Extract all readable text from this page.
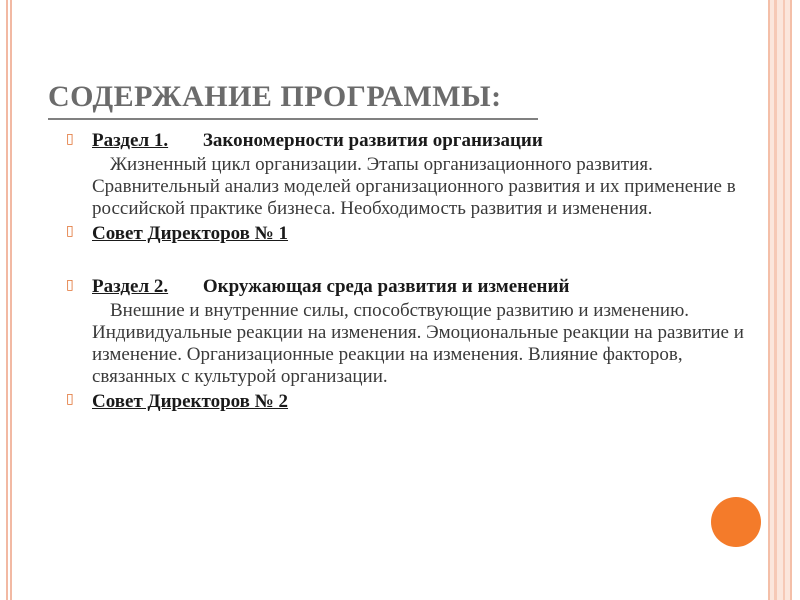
СОДЕРЖАНИЕ ПРОГРАММЫ:
▯ Раздел 1. Закономерности развития организации
Жизненный цикл организации. Этапы организационного развития. Сравнительный анализ моделей организационного развития и их применение в российской практике бизнеса. Необходимость развития и изменения.
▯ Совет Директоров № 1
▯ Раздел 2. Окружающая среда развития и изменений
Внешние и внутренние силы, способствующие развитию и изменению. Индивидуальные реакции на изменения. Эмоциональные реакции на развитие и изменение. Организационные реакции на изменения. Влияние факторов, связанных с культурой организации.
▯ Совет Директоров № 2
